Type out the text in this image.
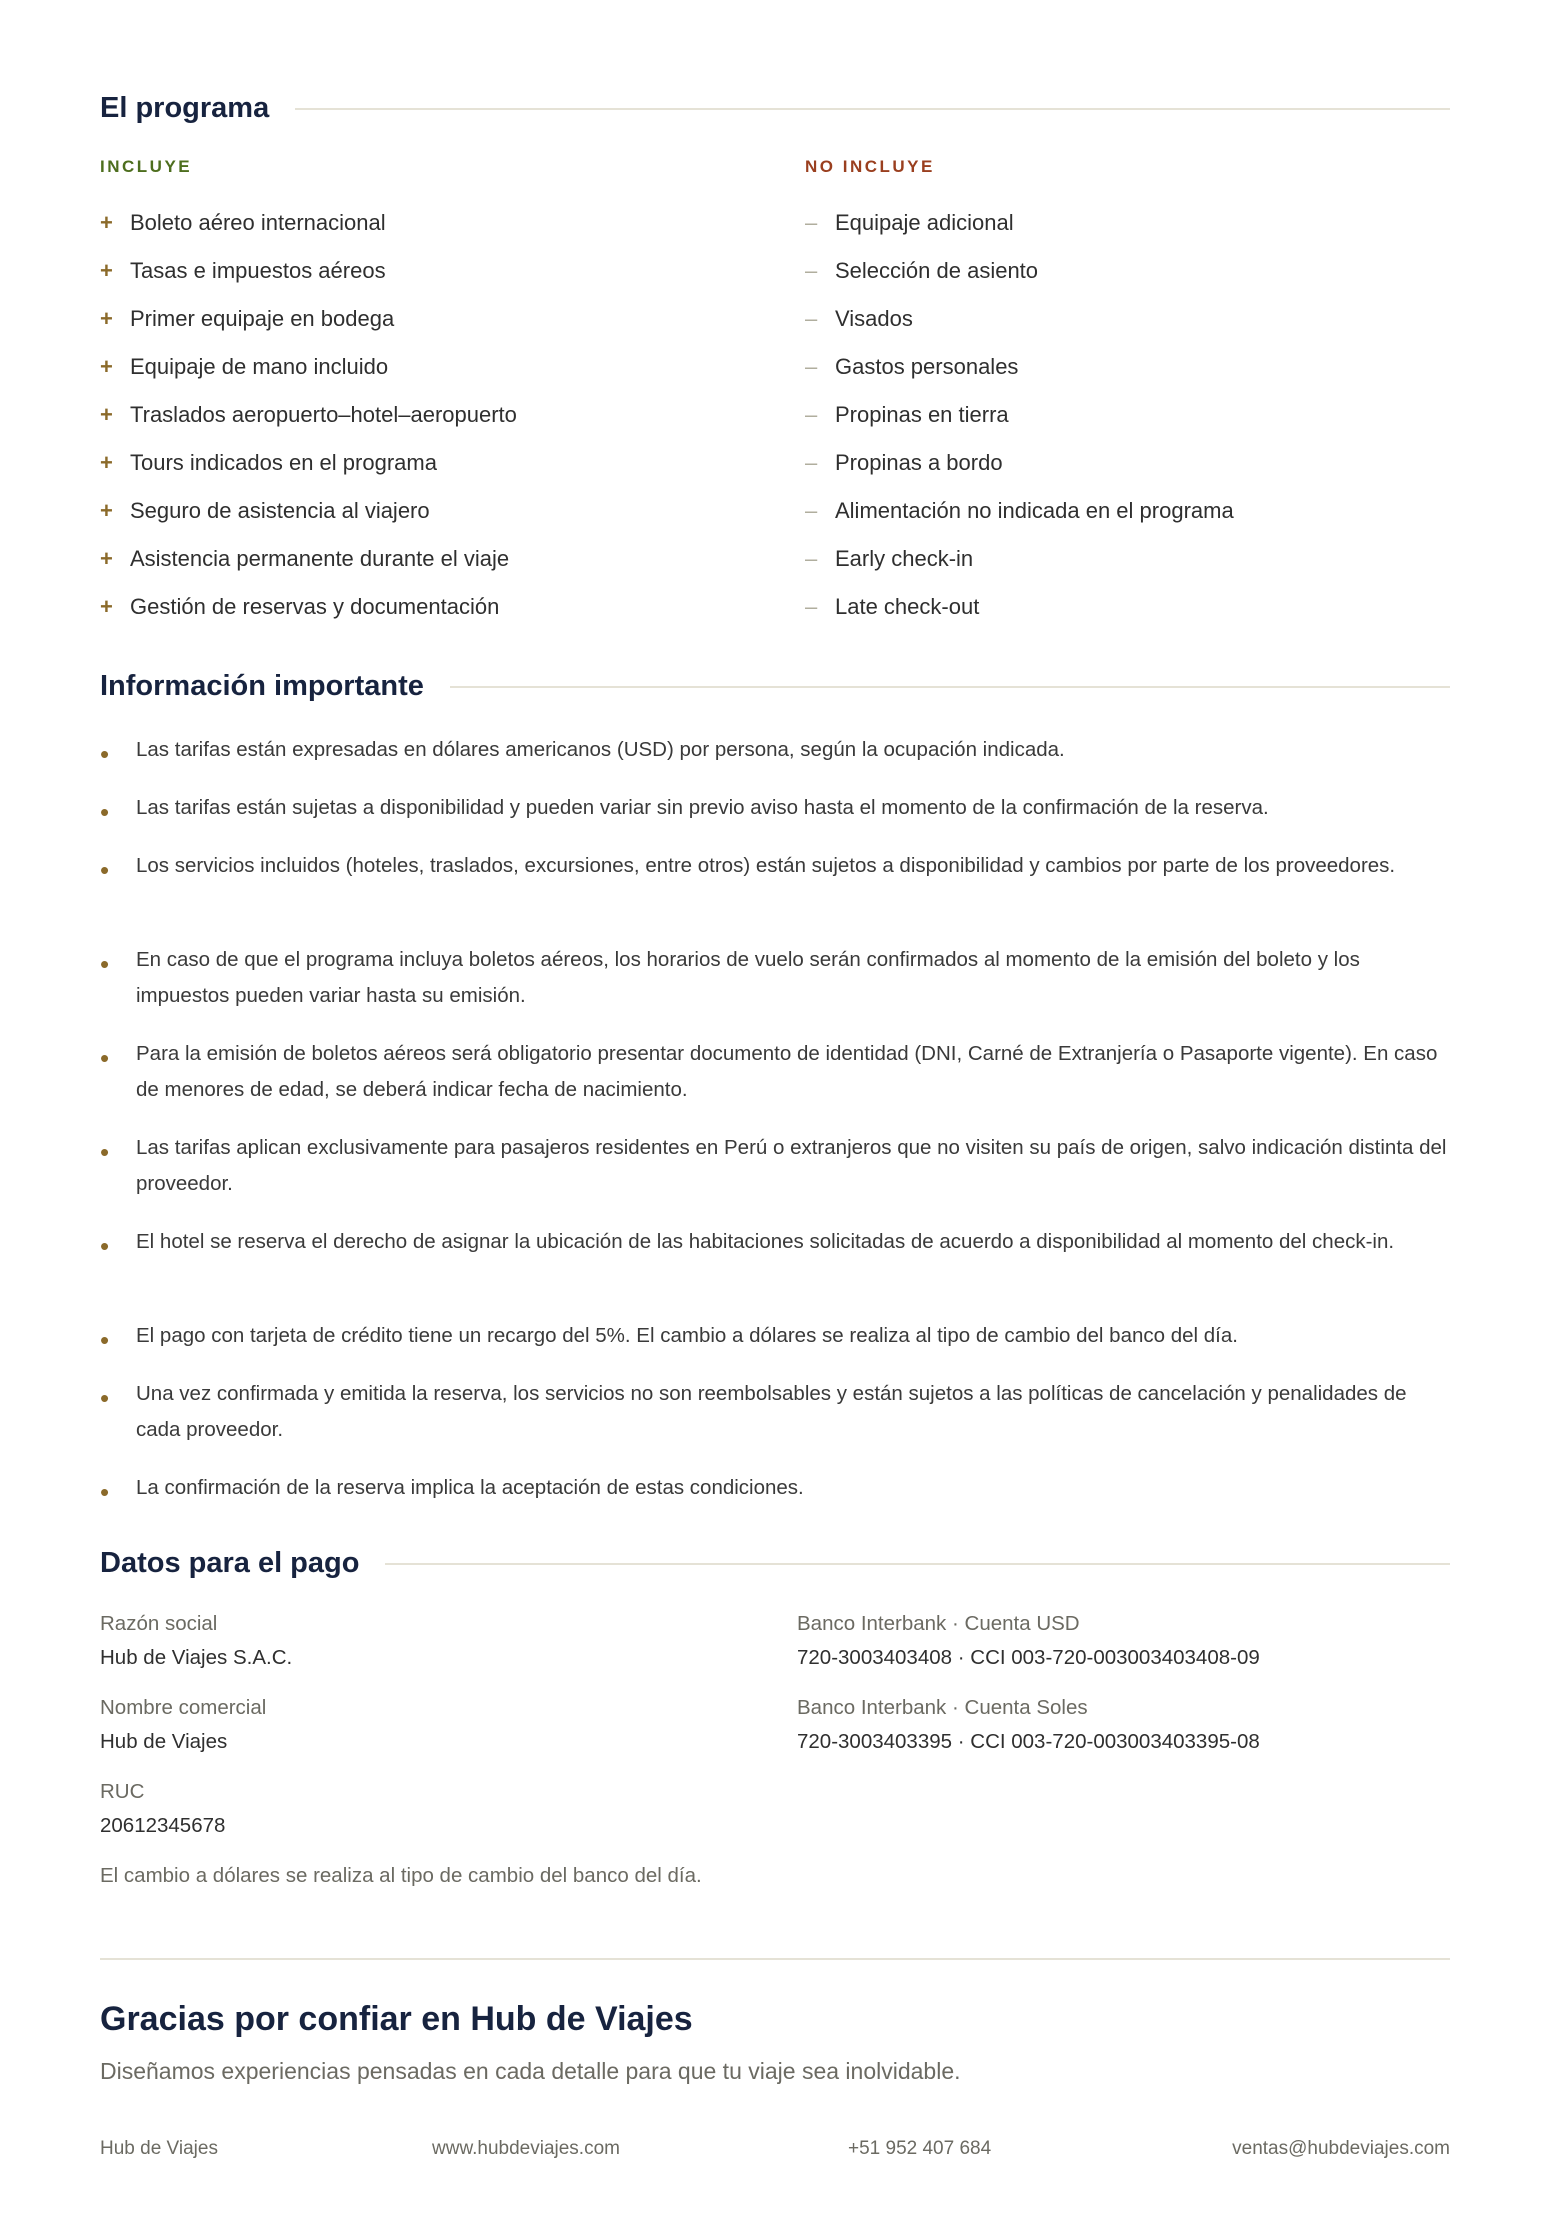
El programa
INCLUYE	NO INCLUYE
+ Boleto aéreo internacional
+ Tasas e impuestos aéreos
+ Primer equipaje en bodega
+ Equipaje de mano incluido
+ Traslados aeropuerto–hotel–aeropuerto
+ Tours indicados en el programa
+ Seguro de asistencia al viajero
+ Asistencia permanente durante el viaje
+ Gestión de reservas y documentación
– Equipaje adicional
– Selección de asiento
– Visados
– Gastos personales
– Propinas en tierra
– Propinas a bordo
– Alimentación no indicada en el programa
– Early check-in
– Late check-out
Información importante
•	Las tarifas están expresadas en dólares americanos (USD) por persona, según la ocupación indicada.
•	Las tarifas están sujetas a disponibilidad y pueden variar sin previo aviso hasta el momento de la confirmación de la reserva.
•	Los servicios incluidos (hoteles, traslados, excursiones, entre otros) están sujetos a disponibilidad y cambios por parte de los proveedores.
•	En caso de que el programa incluya boletos aéreos, los horarios de vuelo serán confirmados al momento de la emisión del boleto y los impuestos pueden variar hasta su emisión.
•	Para la emisión de boletos aéreos será obligatorio presentar documento de identidad (DNI, Carné de Extranjería o Pasaporte vigente). En caso de menores de edad, se deberá indicar fecha de nacimiento.
•	Las tarifas aplican exclusivamente para pasajeros residentes en Perú o extranjeros que no visiten su país de origen, salvo indicación distinta del proveedor.
•	El hotel se reserva el derecho de asignar la ubicación de las habitaciones solicitadas de acuerdo a disponibilidad al momento del check-in.
•	El pago con tarjeta de crédito tiene un recargo del 5%. El cambio a dólares se realiza al tipo de cambio del banco del día.
•	Una vez confirmada y emitida la reserva, los servicios no son reembolsables y están sujetos a las políticas de cancelación y penalidades de cada proveedor.
•	La confirmación de la reserva implica la aceptación de estas condiciones.
Datos para el pago
Razón social
Hub de Viajes S.A.C.
Nombre comercial
Hub de Viajes
RUC
20612345678
Banco Interbank · Cuenta USD
720-3003403408 · CCI 003-720-003003403408-09
Banco Interbank · Cuenta Soles
720-3003403395 · CCI 003-720-003003403395-08
El cambio a dólares se realiza al tipo de cambio del banco del día.
Gracias por confiar en Hub de Viajes
Diseñamos experiencias pensadas en cada detalle para que tu viaje sea inolvidable.
Hub de Viajes	www.hubdeviajes.com	+51 952 407 684	ventas@hubdeviajes.com
